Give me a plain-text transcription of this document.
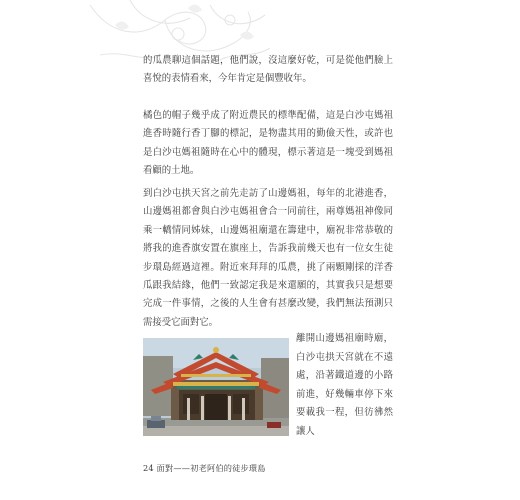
的瓜農聊這個話題，他們說，沒這麼好乾，可是從他們臉上喜悅的表情看來，今年肯定是個豐收年。

橘色的帽子幾乎成了附近農民的標準配備，這是白沙屯媽祖進香時隨行香丁腳的標記，是物盡其用的勤儉天性，或許也是白沙屯媽祖隨時在心中的體現，標示著這是一塊受到媽祖看顧的土地。

到白沙屯拱天宮之前先走訪了山邊媽祖，每年的北港進香，山邊媽祖都會與白沙屯媽祖會合一同前往，兩尊媽祖神像同乘一轎情同姊妹，山邊媽祖廟還在籌建中，廟祝非常恭敬的將我的進香旗安置在旗座上，告訴我前幾天也有一位女生徒步環島經過這裡。附近來拜拜的瓜農，挑了兩顆剛採的洋香瓜跟我結緣，他們一致認定我是來還願的，其實我只是想要完成一件事情，之後的人生會有甚麼改變，我們無法預測只需接受它面對它。

離開山邊媽祖廟時廟，白沙屯拱天宮就在不遠處，沿著鐵道邊的小路前進，好幾輛車停下來要載我一程，但彷彿然讓人
24 面對——初老阿伯的徒步環島
